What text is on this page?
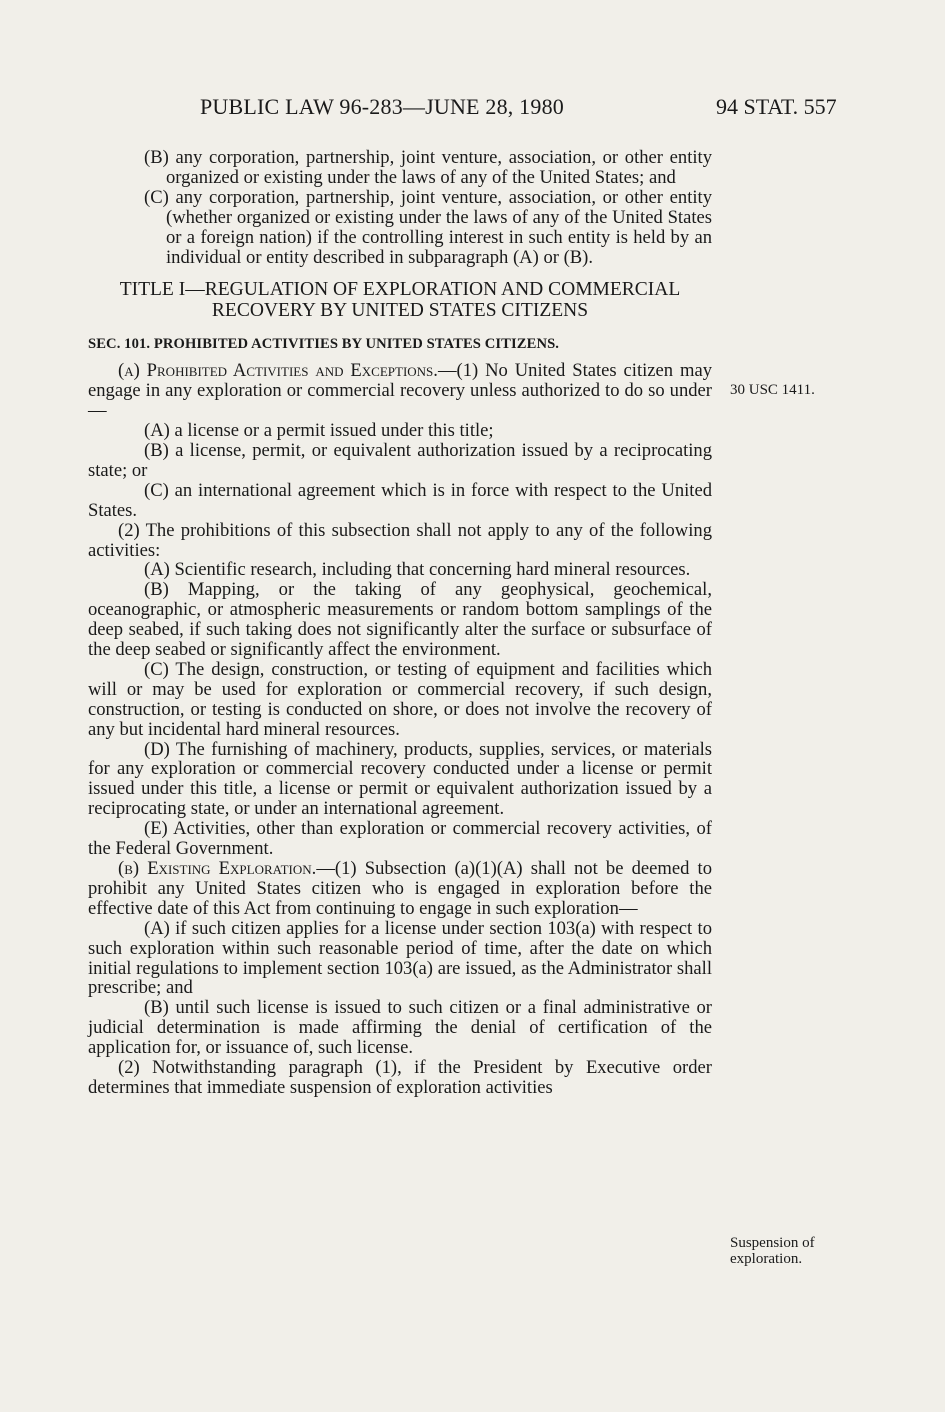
PUBLIC LAW 96-283—JUNE 28, 1980	94 STAT. 557

(B) any corporation, partnership, joint venture, association, or other entity organized or existing under the laws of any of the United States; and

(C) any corporation, partnership, joint venture, association, or other entity (whether organized or existing under the laws of any of the United States or a foreign nation) if the controlling interest in such entity is held by an individual or entity described in subparagraph (A) or (B).

TITLE I—REGULATION OF EXPLORATION AND COMMERCIAL RECOVERY BY UNITED STATES CITIZENS

SEC. 101. PROHIBITED ACTIVITIES BY UNITED STATES CITIZENS.

(a) Prohibited Activities and Exceptions.—(1) No United States citizen may engage in any exploration or commercial recovery unless authorized to do so under—

(A) a license or a permit issued under this title;

(B) a license, permit, or equivalent authorization issued by a reciprocating state; or

(C) an international agreement which is in force with respect to the United States.

(2) The prohibitions of this subsection shall not apply to any of the following activities:

(A) Scientific research, including that concerning hard mineral resources.

(B) Mapping, or the taking of any geophysical, geochemical, oceanographic, or atmospheric measurements or random bottom samplings of the deep seabed, if such taking does not significantly alter the surface or subsurface of the deep seabed or significantly affect the environment.

(C) The design, construction, or testing of equipment and facilities which will or may be used for exploration or commercial recovery, if such design, construction, or testing is conducted on shore, or does not involve the recovery of any but incidental hard mineral resources.

(D) The furnishing of machinery, products, supplies, services, or materials for any exploration or commercial recovery conducted under a license or permit issued under this title, a license or permit or equivalent authorization issued by a reciprocating state, or under an international agreement.

(E) Activities, other than exploration or commercial recovery activities, of the Federal Government.

(b) Existing Exploration.—(1) Subsection (a)(1)(A) shall not be deemed to prohibit any United States citizen who is engaged in exploration before the effective date of this Act from continuing to engage in such exploration—

(A) if such citizen applies for a license under section 103(a) with respect to such exploration within such reasonable period of time, after the date on which initial regulations to implement section 103(a) are issued, as the Administrator shall prescribe; and

(B) until such license is issued to such citizen or a final administrative or judicial determination is made affirming the denial of certification of the application for, or issuance of, such license.

(2) Notwithstanding paragraph (1), if the President by Executive order determines that immediate suspension of exploration activities

30 USC 1411.
Suspension of exploration.
